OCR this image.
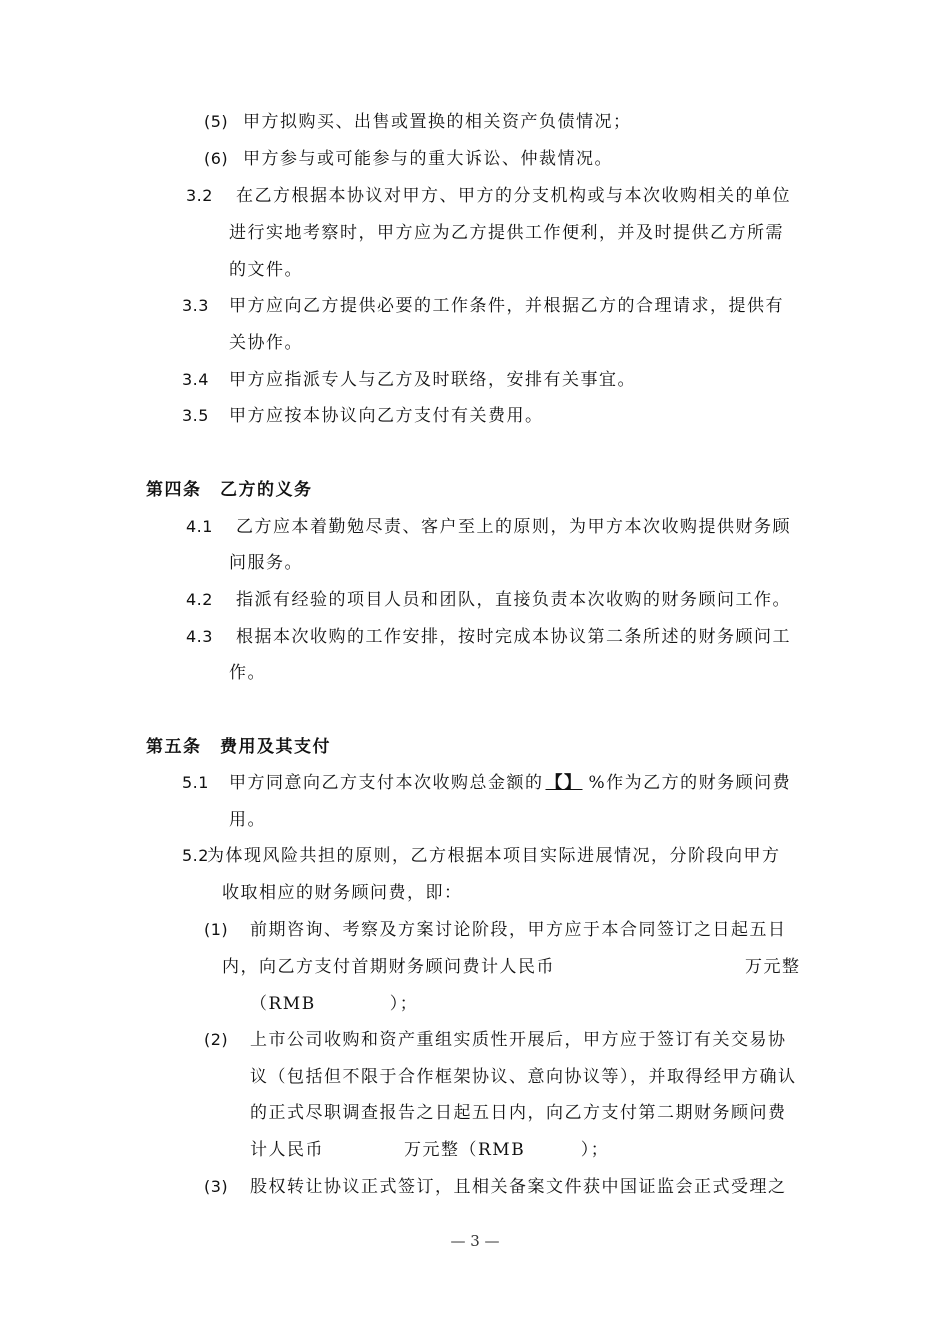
(5) 甲方拟购买、出售或置换的相关资产负债情况；
(6) 甲方参与或可能参与的重大诉讼、仲裁情况。
3.2 在乙方根据本协议对甲方、甲方的分支机构或与本次收购相关的单位
进行实地考察时，甲方应为乙方提供工作便利，并及时提供乙方所需
的文件。
3.3 甲方应向乙方提供必要的工作条件，并根据乙方的合理请求，提供有
关协作。
3.4 甲方应指派专人与乙方及时联络，安排有关事宜。
3.5 甲方应按本协议向乙方支付有关费用。
第四条　乙方的义务
4.1 乙方应本着勤勉尽责、客户至上的原则，为甲方本次收购提供财务顾
问服务。
4.2 指派有经验的项目人员和团队，直接负责本次收购的财务顾问工作。
4.3 根据本次收购的工作安排，按时完成本协议第二条所述的财务顾问工
作。
第五条　费用及其支付
5.1 甲方同意向乙方支付本次收购总金额的 【】 %作为乙方的财务顾问费
用。
5.2
为体现风险共担的原则，乙方根据本项目实际进展情况，分阶段向甲方
收取相应的财务顾问费，即：
(1) 前期咨询、考察及方案讨论阶段，甲方应于本合同签订之日起五日
内，向乙方支付首期财务顾问费计人民币	万元整
（RMB　　　　）；
(2) 上市公司收购和资产重组实质性开展后，甲方应于签订有关交易协
议（包括但不限于合作框架协议、意向协议等），并取得经甲方确认
的正式尽职调查报告之日起五日内，向乙方支付第二期财务顾问费
计人民币	万元整（RMB　　　）；
(3) 股权转让协议正式签订，且相关备案文件获中国证监会正式受理之
— 3 —
